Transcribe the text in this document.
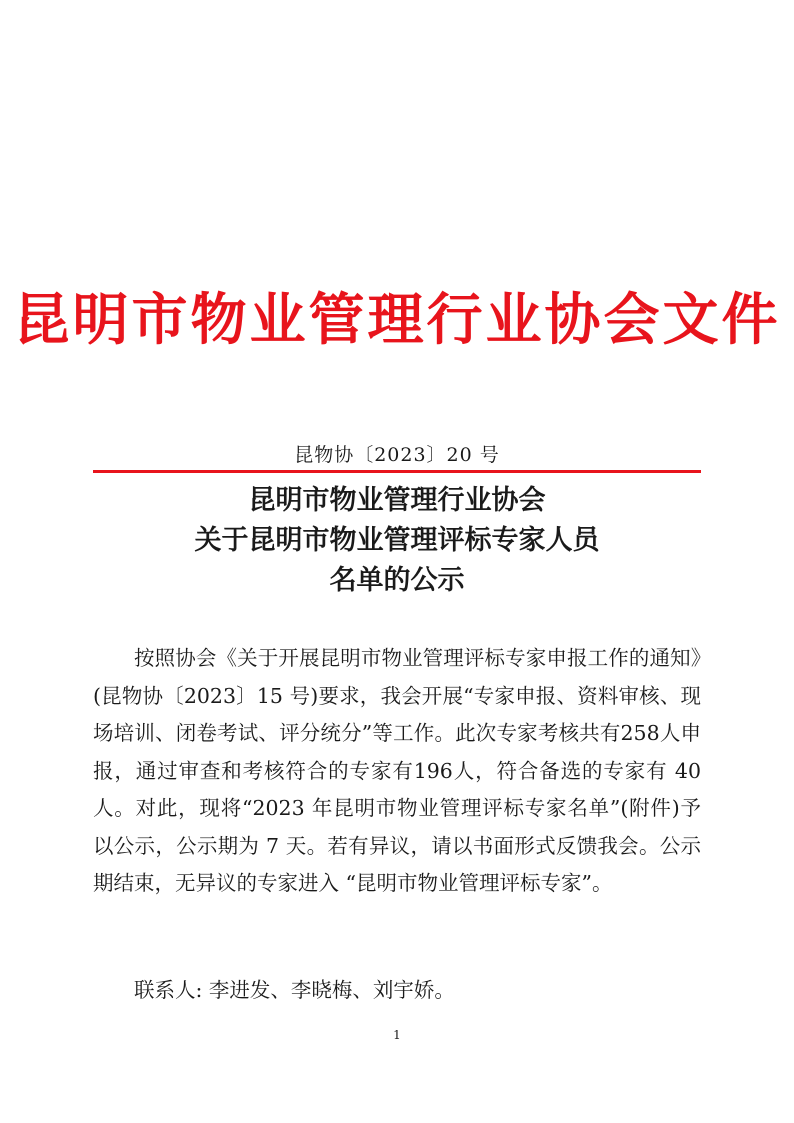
昆明市物业管理行业协会文件
昆物协〔2023〕20 号
昆明市物业管理行业协会
关于昆明市物业管理评标专家人员
名单的公示
按照协会《关于开展昆明市物业管理评标专家申报工作的通知》(昆物协〔2023〕15 号)要求，我会开展“专家申报、资料审核、现场培训、闭卷考试、评分统分”等工作。此次专家考核共有258人申报，通过审查和考核符合的专家有196人，符合备选的专家有 40 人。对此，现将“2023 年昆明市物业管理评标专家名单”(附件)予以公示，公示期为 7 天。若有异议，请以书面形式反馈我会。公示期结束，无异议的专家进入 “昆明市物业管理评标专家”。
联系人: 李进发、李晓梅、刘宇娇。
1
